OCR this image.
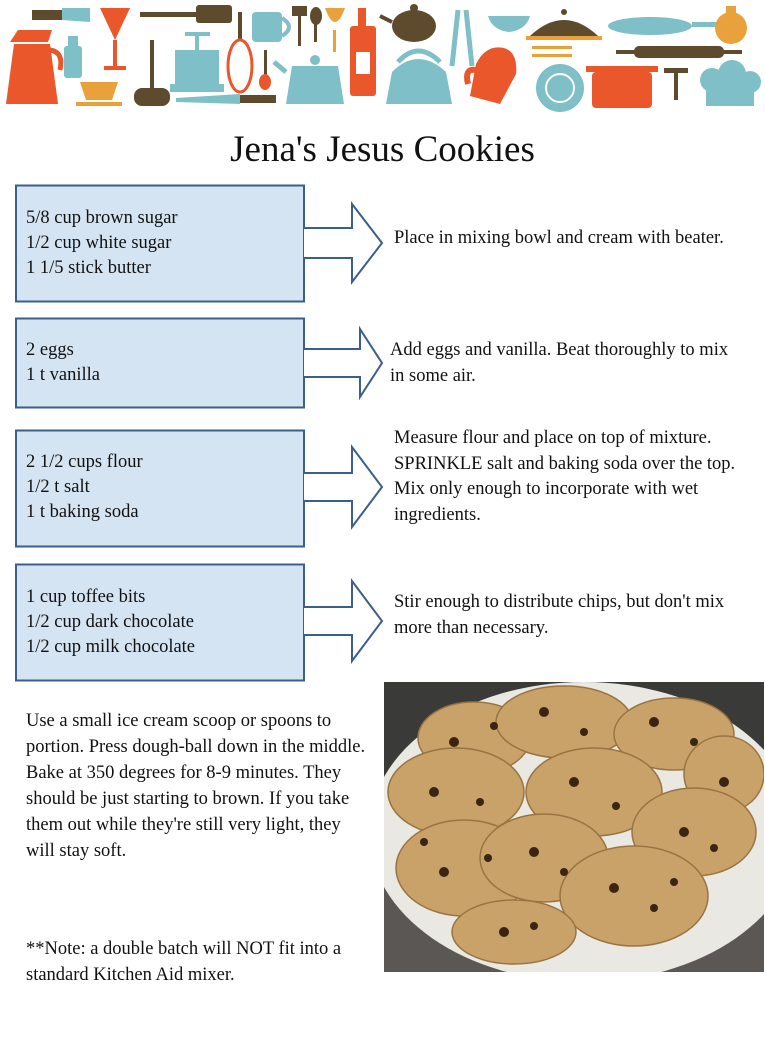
Jena's Jesus Cookies
5/8 cup brown sugar
1/2 cup white sugar
1 1/5 stick butter
Place in mixing bowl and cream with beater.
2 eggs
1 t vanilla
Add eggs and vanilla. Beat thoroughly to mix in some air.
2 1/2 cups flour
1/2 t salt
1 t baking soda
Measure flour and place on top of mixture. SPRINKLE salt and baking soda over the top. Mix only enough to incorporate with wet ingredients.
1 cup toffee bits
1/2 cup dark chocolate
1/2 cup milk chocolate
Stir enough to distribute chips, but don't mix more than necessary.
Use a small ice cream scoop or spoons to portion. Press dough-ball down in the middle. Bake at 350 degrees for 8-9 minutes. They should be just starting to brown. If you take them out while they're still very light, they will stay soft.
**Note: a double batch will NOT fit into a standard Kitchen Aid mixer.
